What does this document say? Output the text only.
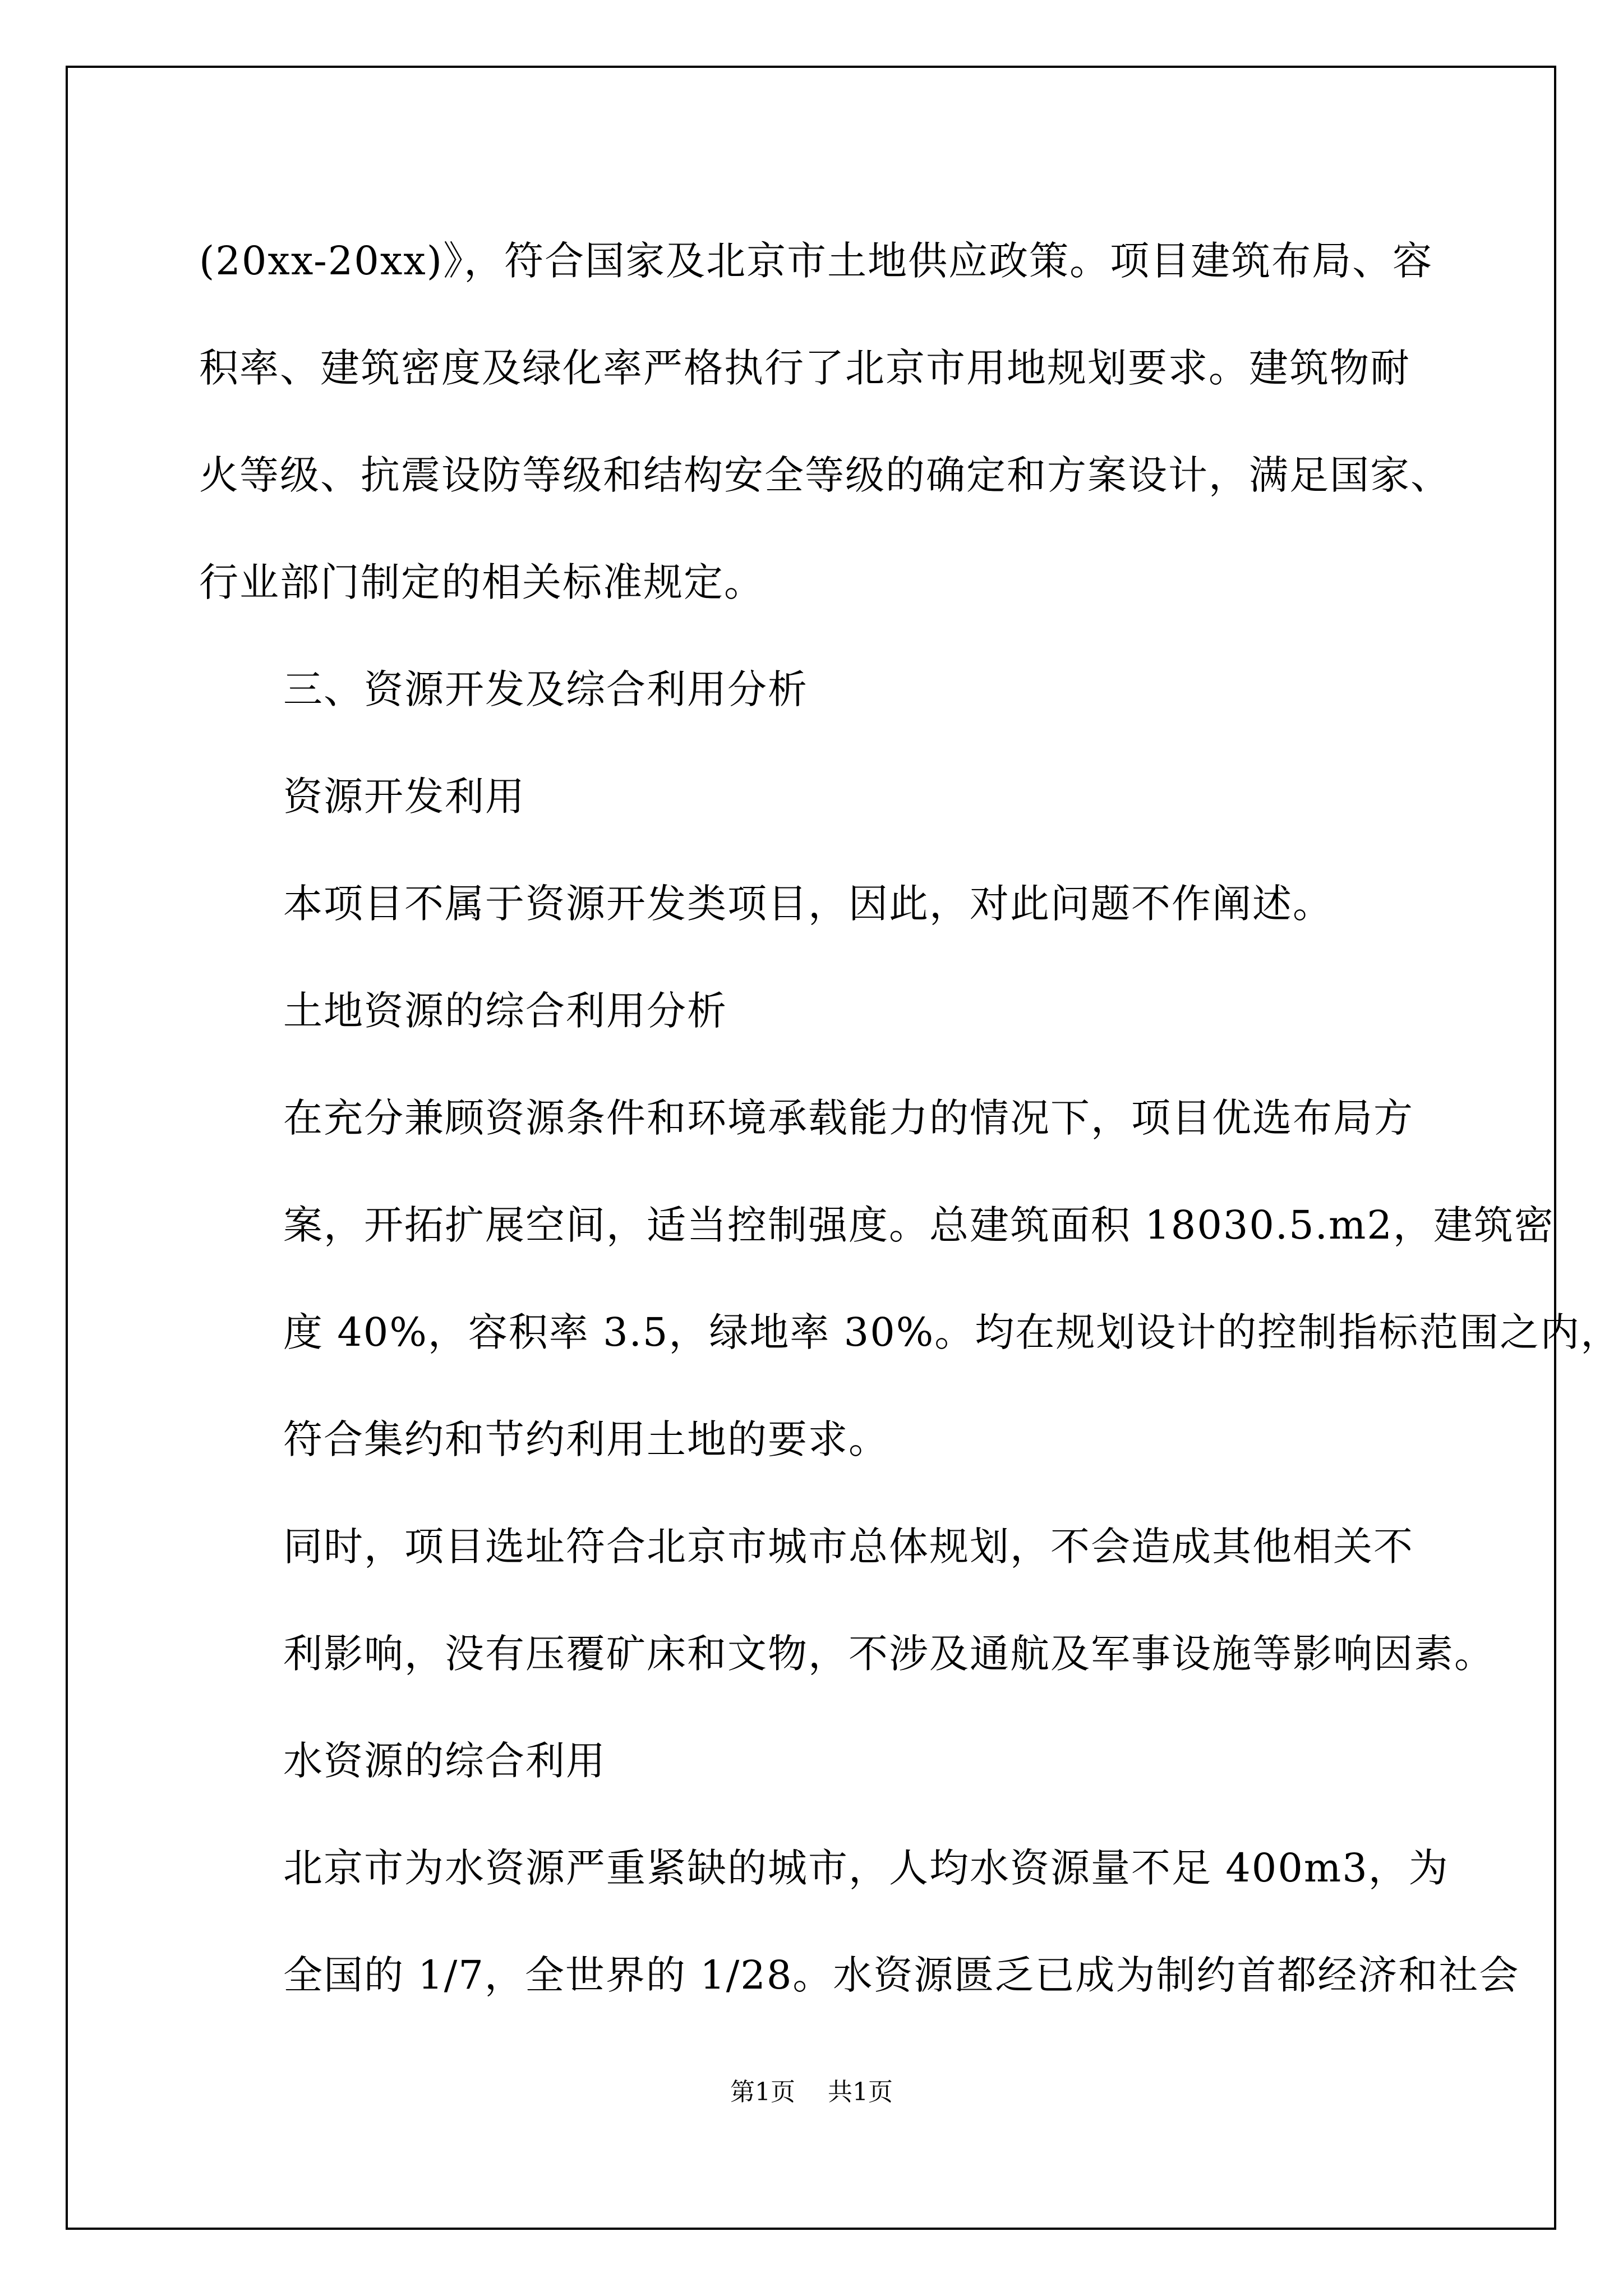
(20xx-20xx)》，符合国家及北京市土地供应政策。项目建筑布局、容
积率、建筑密度及绿化率严格执行了北京市用地规划要求。建筑物耐
火等级、抗震设防等级和结构安全等级的确定和方案设计，满足国家、
行业部门制定的相关标准规定。

三、资源开发及综合利用分析

资源开发利用

本项目不属于资源开发类项目，因此，对此问题不作阐述。

土地资源的综合利用分析

在充分兼顾资源条件和环境承载能力的情况下，项目优选布局方
案，开拓扩展空间，适当控制强度。总建筑面积 18030.5.m2，建筑密
度 40%，容积率 3.5，绿地率 30%。均在规划设计的控制指标范围之内，
符合集约和节约利用土地的要求。

同时，项目选址符合北京市城市总体规划，不会造成其他相关不
利影响，没有压覆矿床和文物，不涉及通航及军事设施等影响因素。

水资源的综合利用

北京市为水资源严重紧缺的城市，人均水资源量不足 400m3，为
全国的 1/7，全世界的 1/28。水资源匮乏已成为制约首都经济和社会

第1页 共1页
